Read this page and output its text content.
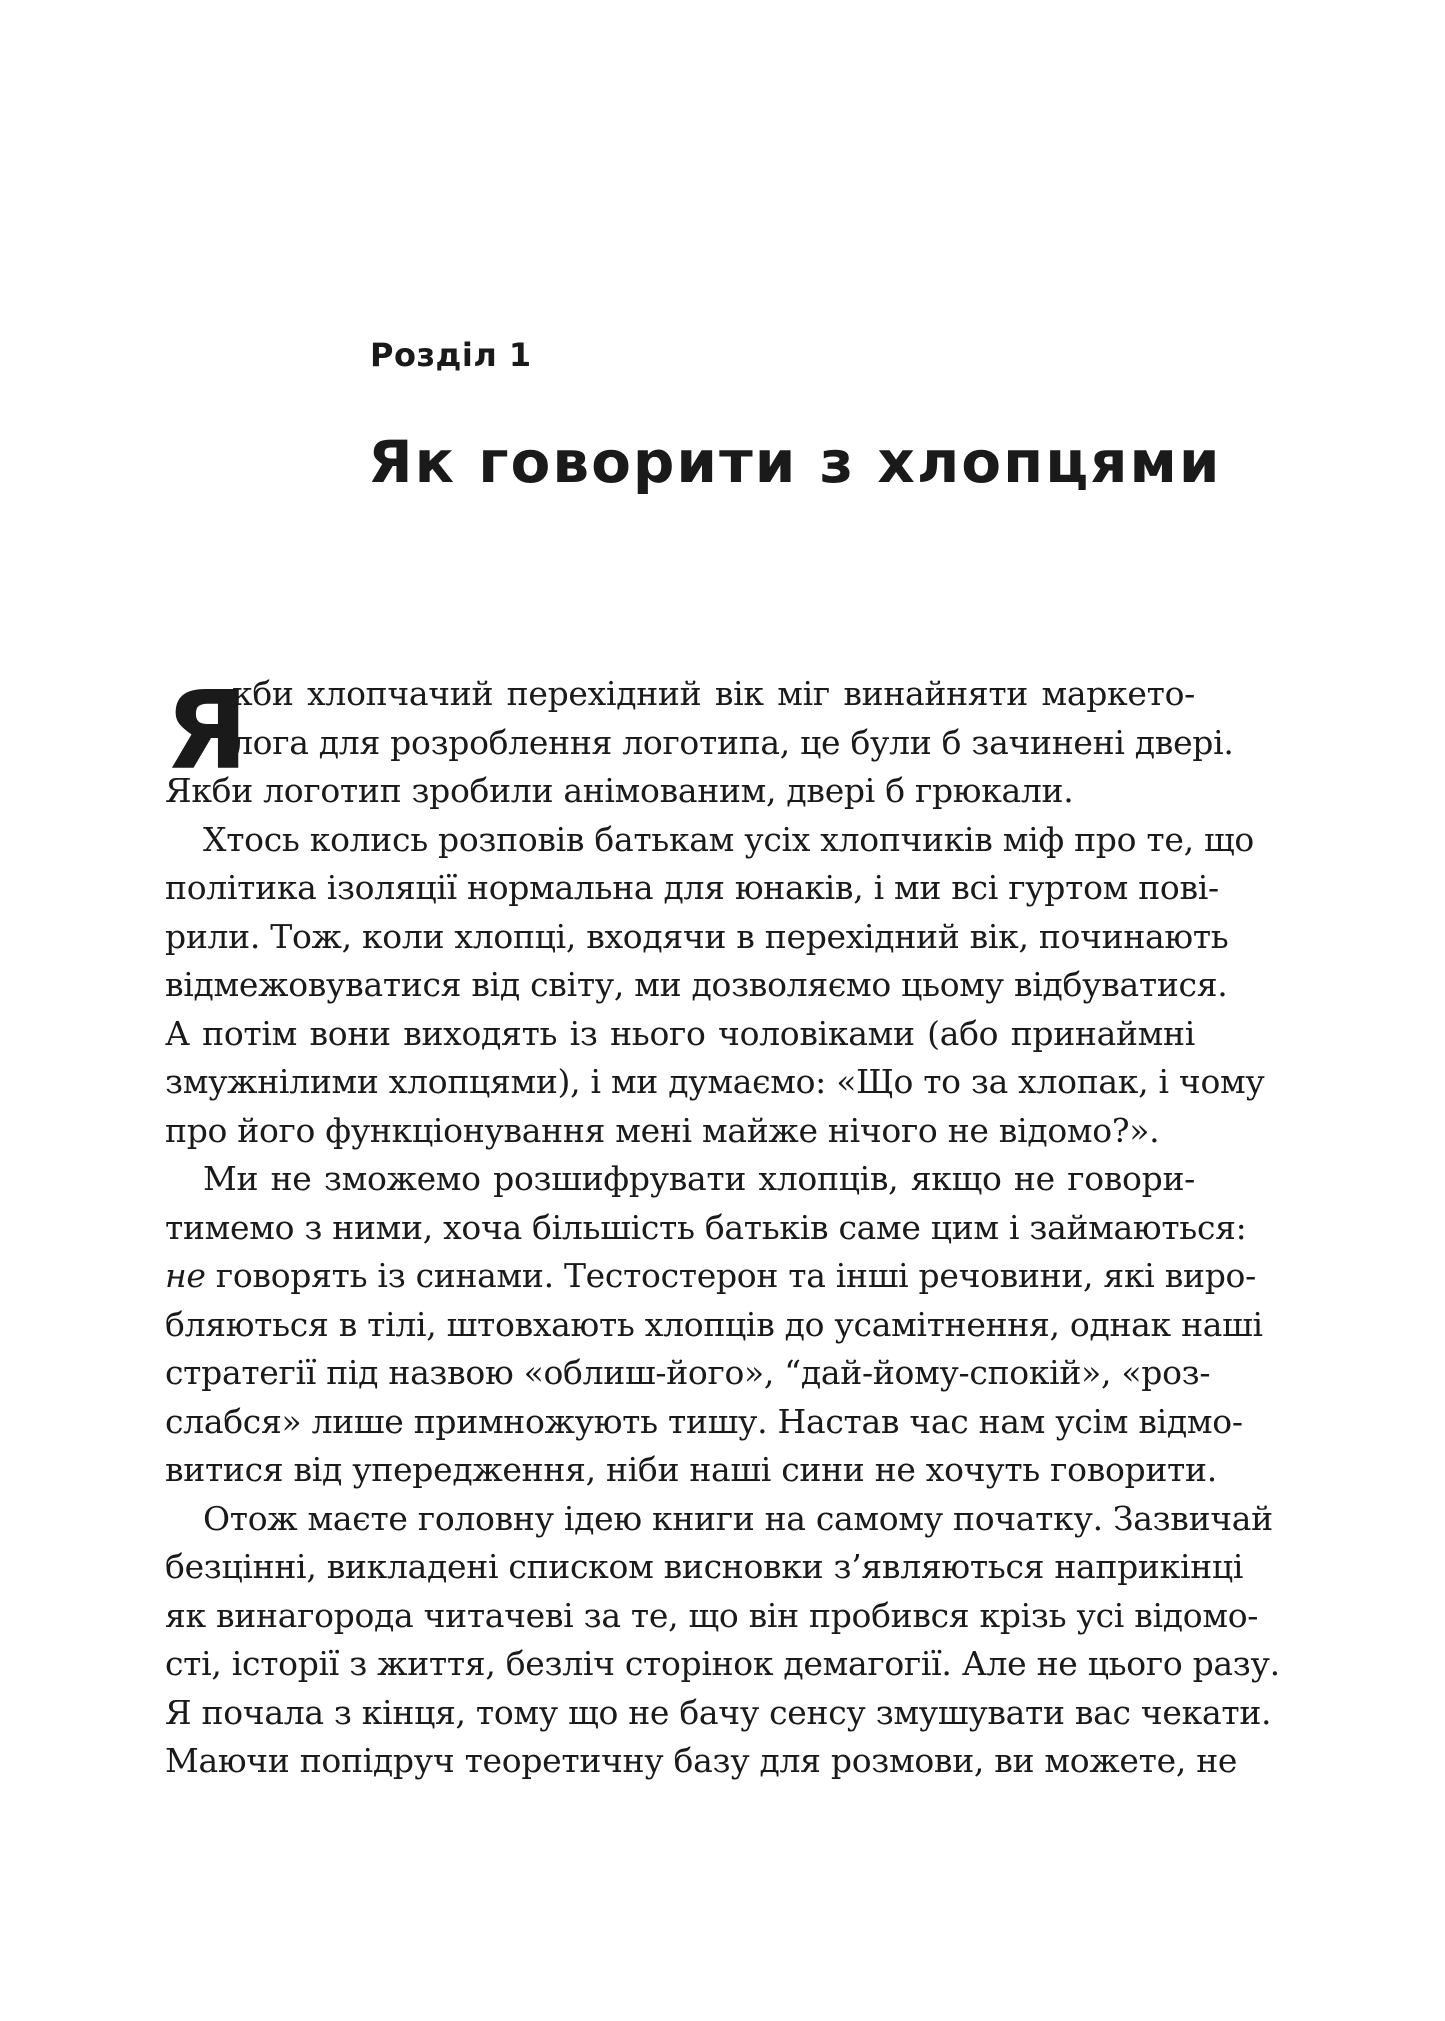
Розділ 1
Як говорити з хлопцями
Я
кби хлопчачий перехідний вік міг винайняти маркето-
лога для розроблення логотипа, це були б зачинені двері.
Якби логотип зробили анімованим, двері б грюкали.
Хтось колись розповів батькам усіх хлопчиків міф про те, що
політика ізоляції нормальна для юнаків, і ми всі гуртом пові-
рили. Тож, коли хлопці, входячи в перехідний вік, починають
відмежовуватися від світу, ми дозволяємо цьому відбуватися.
А потім вони виходять із нього чоловіками (або принаймні
змужнілими хлопцями), і ми думаємо: «Що то за хлопак, і чому
про його функціонування мені майже нічого не відомо?».
Ми не зможемо розшифрувати хлопців, якщо не говори-
тимемо з ними, хоча більшість батьків саме цим і займаються:
не говорять із синами. Тестостерон та інші речовини, які виро-
бляються в тілі, штовхають хлопців до усамітнення, однак наші
стратегії під назвою «облиш-його», “дай-йому-спокій», «роз-
слабся» лише примножують тишу. Настав час нам усім відмо-
витися від упередження, ніби наші сини не хочуть говорити.
Отож маєте головну ідею книги на самому початку. Зазвичай
безцінні, викладені списком висновки з’являються наприкінці
як винагорода читачеві за те, що він пробився крізь усі відомо-
сті, історії з життя, безліч сторінок демагогії. Але не цього разу.
Я почала з кінця, тому що не бачу сенсу змушувати вас чекати.
Маючи попідруч теоретичну базу для розмови, ви можете, не
